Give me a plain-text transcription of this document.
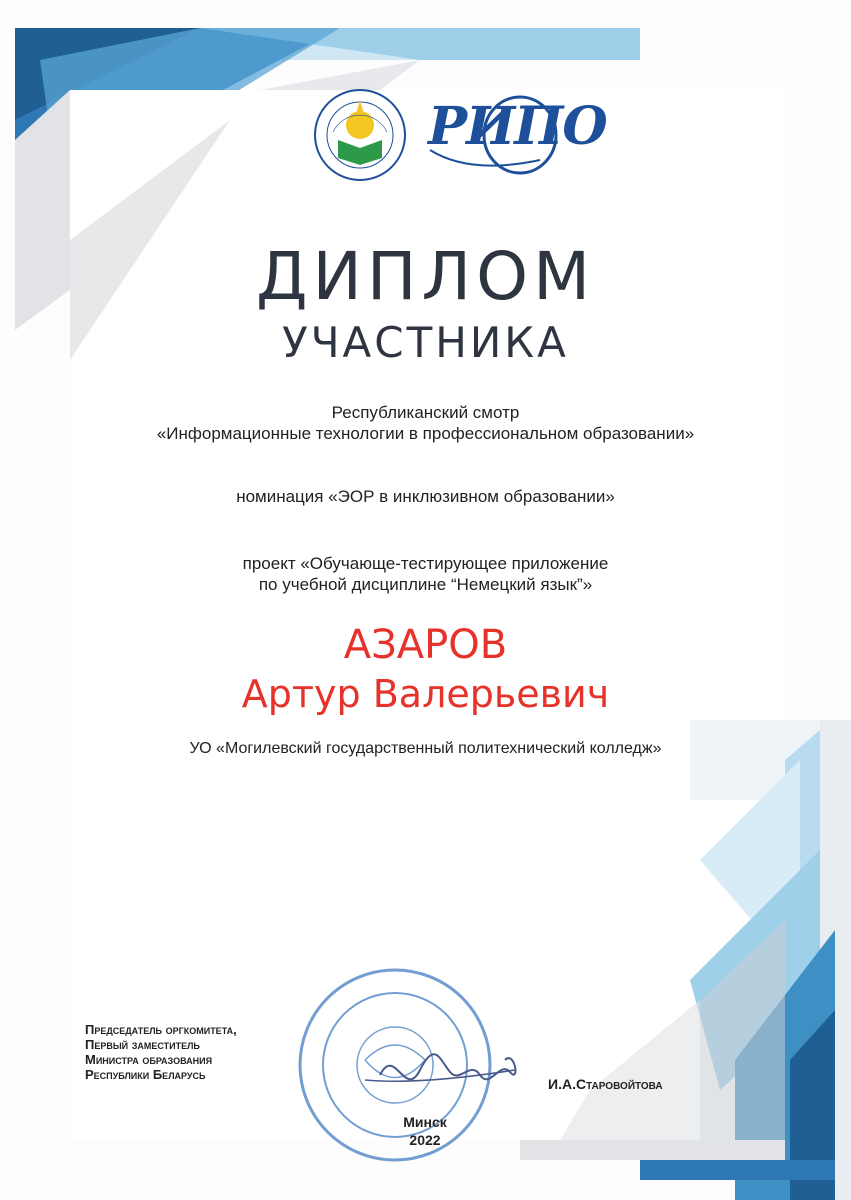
РИПО
ДИПЛОМ
УЧАСТНИКА
Республиканский смотр
«Информационные технологии в профессиональном образовании»
номинация «ЭОР в инклюзивном образовании»
проект «Обучающе-тестирующее приложение
по учебной дисциплине “Немецкий язык”»
АЗАРОВ
Артур Валерьевич
УО «Могилевский государственный политехнический колледж»
Председатель оргкомитета,
Первый заместитель
Министра образования
Республики Беларусь
И.А.Старовойтова
Минск
2022
